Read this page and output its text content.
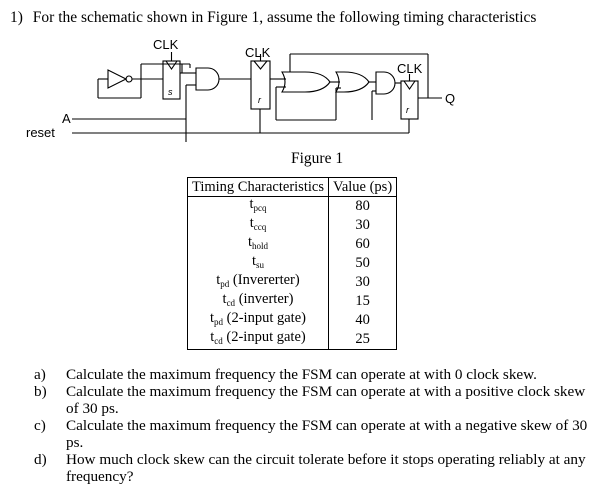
1) For the schematic shown in Figure 1, assume the following timing characteristics
CLK
CLK
CLK
s
r
r
Q
A
reset
Figure 1
Timing Characteristics	Value (ps)
$t_{pcq}$	80
$t_{ccq}$	30
$t_{hold}$	60
$t_{su}$	50
$t_{pd}$ (Invererter)	30
$t_{cd}$ (inverter)	15
$t_{pd}$ (2-input gate)	40
$t_{cd}$ (2-input gate)	25
a) Calculate the maximum frequency the FSM can operate at with 0 clock skew.
b) Calculate the maximum frequency the FSM can operate at with a positive clock skew of 30 ps.
c) Calculate the maximum frequency the FSM can operate at with a negative skew of 30 ps.
d) How much clock skew can the circuit tolerate before it stops operating reliably at any frequency?
